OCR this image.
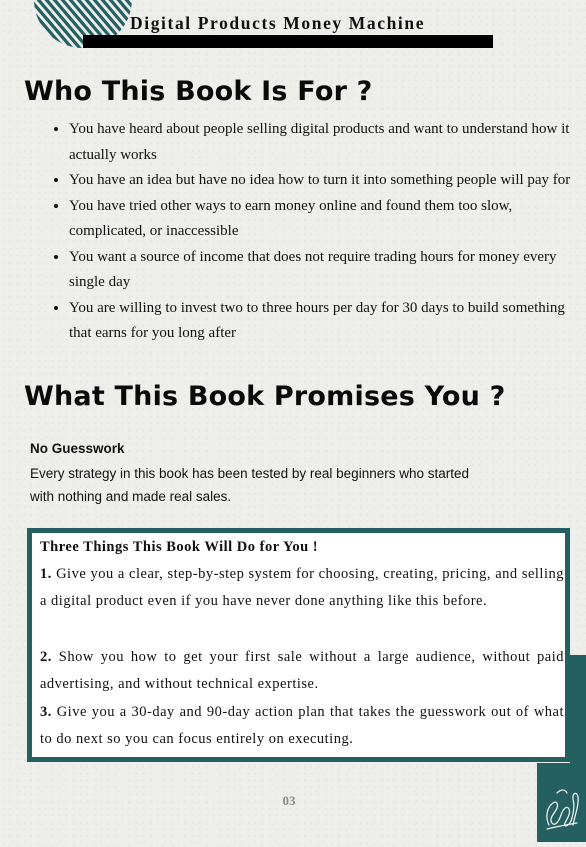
Digital Products Money Machine

Who This Book Is For ?
• You have heard about people selling digital products and want to understand how it actually works
• You have an idea but have no idea how to turn it into something people will pay for
• You have tried other ways to earn money online and found them too slow, complicated, or inaccessible
• You want a source of income that does not require trading hours for money every single day
• You are willing to invest two to three hours per day for 30 days to build something that earns for you long after
What This Book Promises You ?

No Guesswork

Every strategy in this book has been tested by real beginners who started with nothing and made real sales.

Three Things This Book Will Do for You !

1. Give you a clear, step-by-step system for choosing, creating, pricing, and selling a digital product even if you have never done anything like this before.

2. Show you how to get your first sale without a large audience, without paid advertising, and without technical expertise.

3. Give you a 30-day and 90-day action plan that takes the guesswork out of what to do next so you can focus entirely on executing.

03
